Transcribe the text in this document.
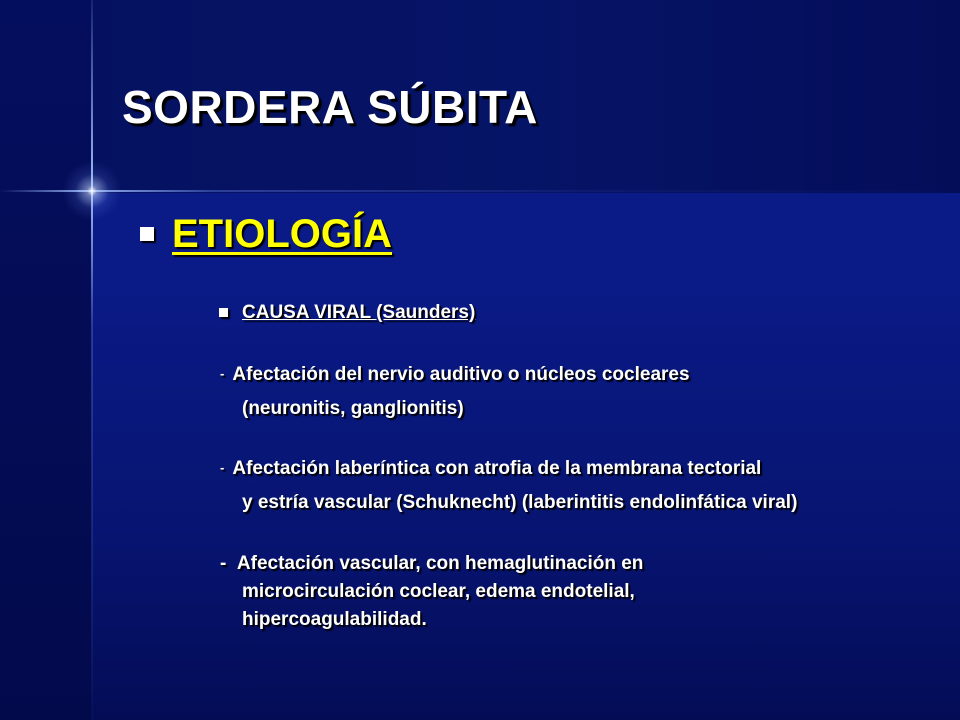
SORDERA SÚBITA
ETIOLOGÍA
CAUSA VIRAL (Saunders)

- Afectación del nervio auditivo o núcleos cocleares

(neuronitis, ganglionitis)

- Afectación laberíntica con atrofia de la membrana tectorial

y estría vascular (Schuknecht) (laberintitis endolinfática viral)

- Afectación vascular, con hemaglutinación en

microcirculación coclear, edema endotelial,

hipercoagulabilidad.
